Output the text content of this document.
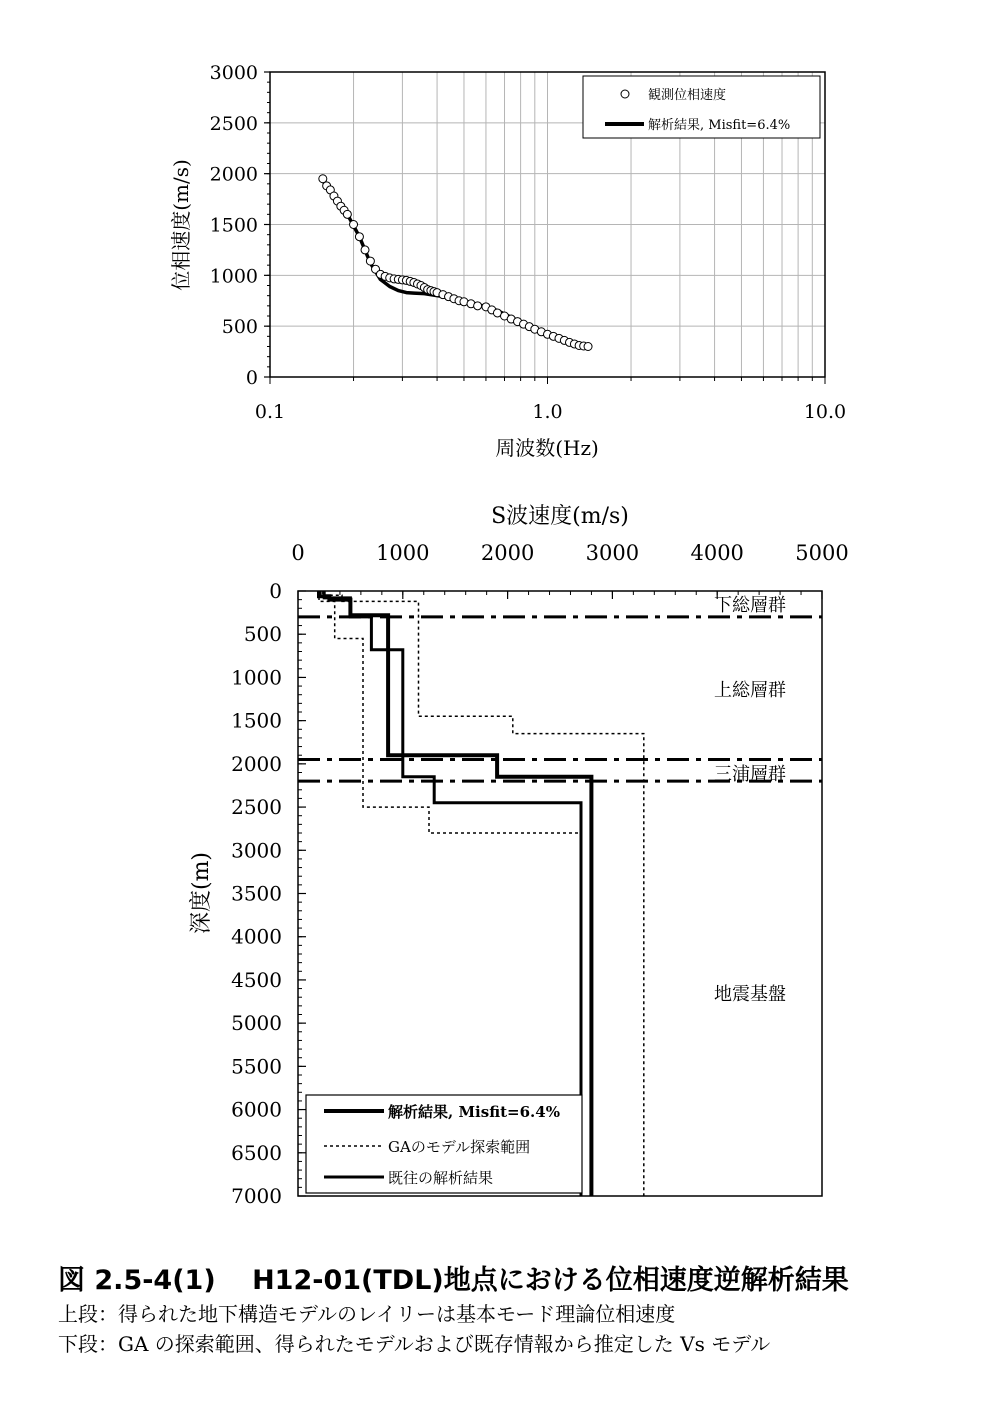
0
500
1000
1500
2000
2500
3000
0.1	1.0	10.0
周波数(Hz)
位相速度(m/s)
観測位相速度
解析結果, Misfit=6.4%
0	1000 2000 3000 4000 5000
0
500
1000
1500
2000
2500
3000
3500
4000
4500
5000
5500
6000
6500
7000
下総層群
上総層群
三浦層群
地震基盤
S波速度(m/s)
深度(m)
解析結果, Misfit=6.4%
GAのモデル探索範囲
既往の解析結果
図 2.5-4(1)　 H12-01(TDL)地点における位相速度逆解析結果
上段：得られた地下構造モデルのレイリーは基本モード理論位相速度
下段：GA の探索範囲、得られたモデルおよび既存情報から推定した Vs モデル
